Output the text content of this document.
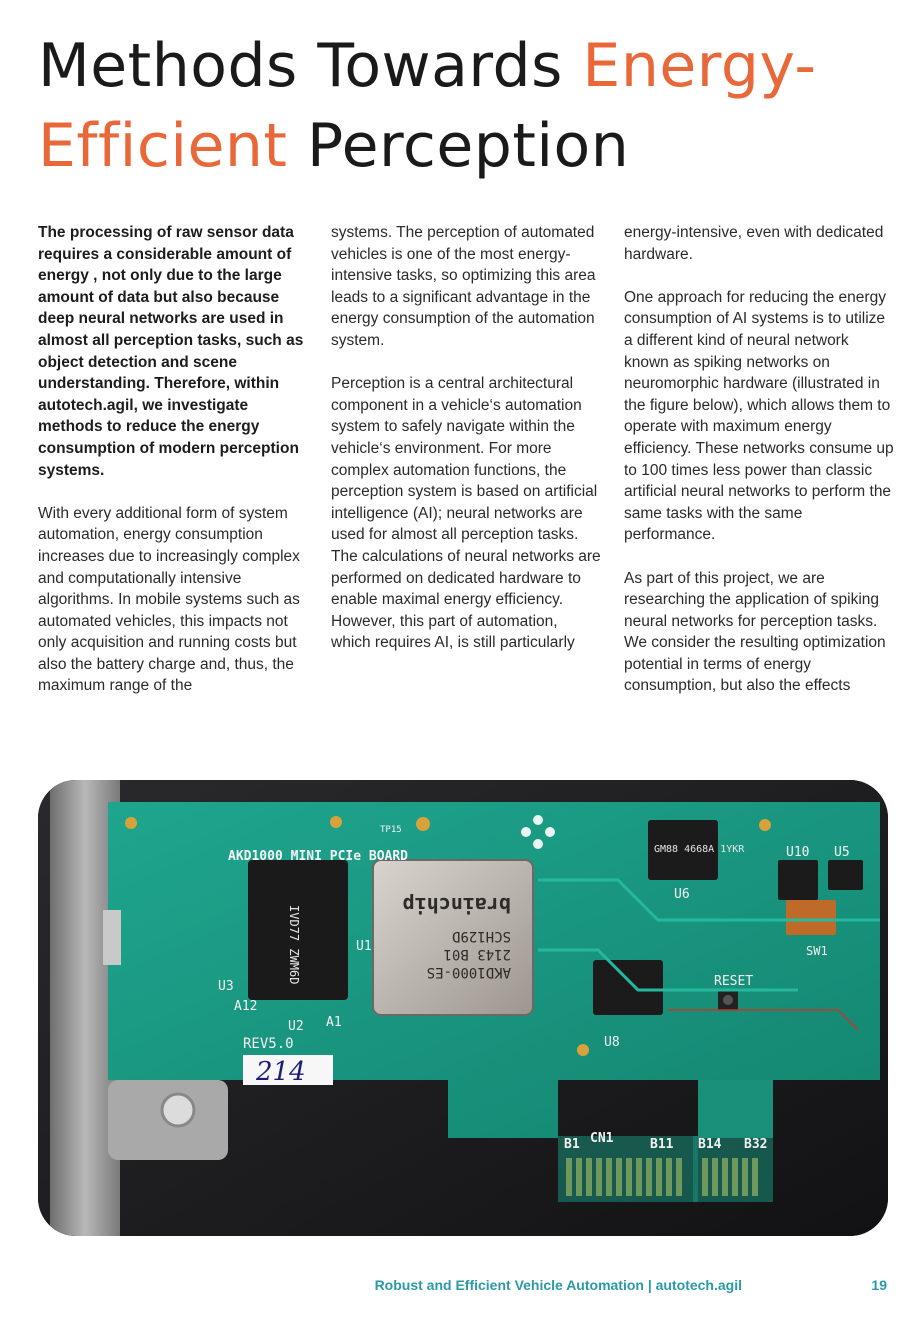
Methods Towards Energy-
Efficient Perception

The processing of raw sensor data requires a considerable amount of energy , not only due to the large amount of data but also because deep neural networks are used in almost all perception tasks, such as object detection and scene understanding. Therefore, within autotech.agil, we investigate methods to reduce the energy consumption of modern perception systems.

With every additional form of system automation, energy consumption increases due to increasingly complex and computationally intensive algorithms. In mobile systems such as automated vehicles, this impacts not only acquisition and running costs but also the battery charge and, thus, the maximum range of the

systems. The perception of automated vehicles is one of the most energy-intensive tasks, so optimizing this area leads to a significant advantage in the energy consumption of the automation system.

Perception is a central architectural component in a vehicle‘s automation system to safely navigate within the vehicle‘s environment. For more complex automation functions, the perception system is based on artificial intelligence (AI); neural networks are used for almost all perception tasks. The calculations of neural networks are performed on dedicated hardware to enable maximal energy efficiency. However, this part of automation, which requires AI, is still particularly

energy-intensive, even with dedicated hardware.

One approach for reducing the energy consumption of AI systems is to utilize a different kind of neural network known as spiking networks on neuromorphic hardware (illustrated in the figure below), which allows them to operate with maximum energy efficiency. These networks consume up to 100 times less power than classic artificial neural networks to perform the same tasks with the same performance.

As part of this project, we are researching the application of spiking neural networks for perception tasks. We consider the resulting optimization potential in terms of energy consumption, but also the effects

AKD1000 MINI PCIe BOARD
AKD1000-ES
2143 B01
SCH129D
brainchip
IVD77 ZWM6D
GM88 4668A 1YKR
RESET
SW1
REV5.0
214
B1 CN1	B11 B14 B32
U1
U2
U3
U6
U8
U10 U5
A1
A12
TP15
Robust and Efficient Vehicle Automation | autotech.agil	19
